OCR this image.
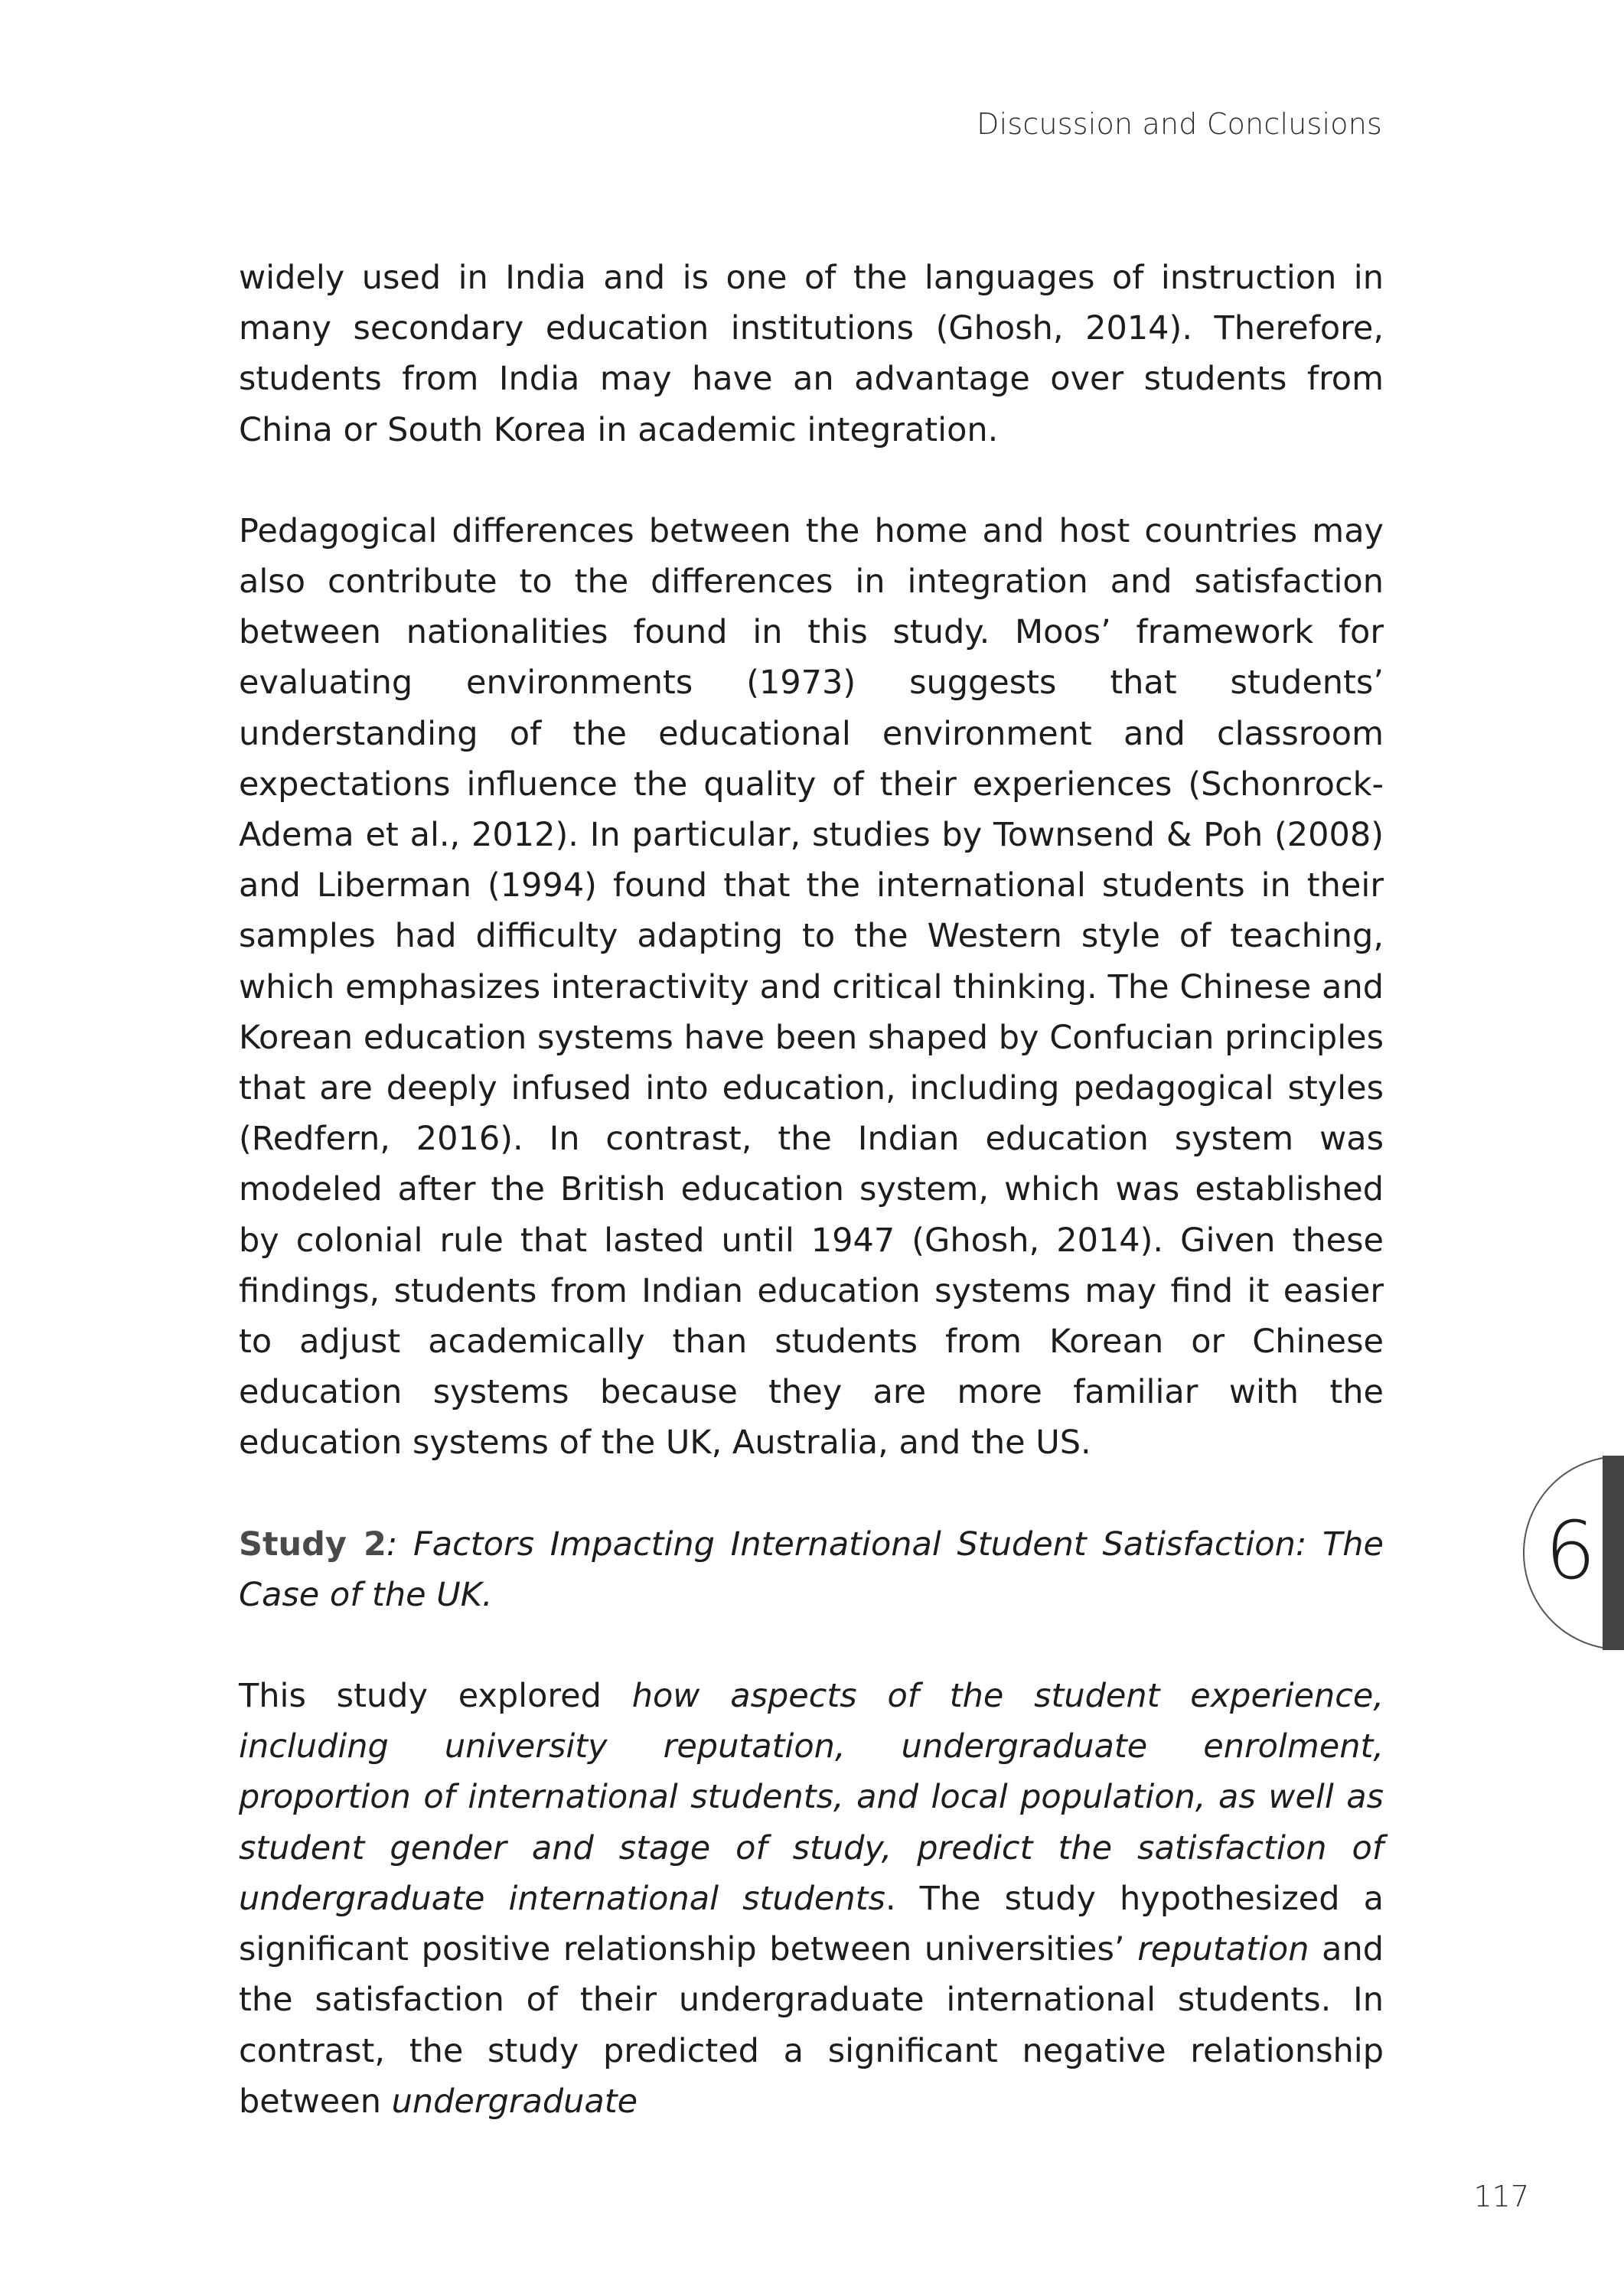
Discussion and Conclusions

widely used in India and is one of the languages of instruction in many secondary education institutions (Ghosh, 2014). Therefore, students from India may have an advantage over students from China or South Korea in academic integration.

Pedagogical differences between the home and host countries may also contribute to the differences in integration and satisfaction between nationalities found in this study. Moos’ framework for evaluating environments (1973) suggests that students’ understanding of the educational environment and classroom expectations influence the quality of their experiences (Schonrock-Adema et al., 2012). In particular, studies by Townsend & Poh (2008) and Liberman (1994) found that the international students in their samples had difficulty adapting to the Western style of teaching, which emphasizes interactivity and critical thinking. The Chinese and Korean education systems have been shaped by Confucian principles that are deeply infused into education, including pedagogical styles (Redfern, 2016). In contrast, the Indian education system was modeled after the British education system, which was established by colonial rule that lasted until 1947 (Ghosh, 2014). Given these findings, students from Indian education systems may find it easier to adjust academically than students from Korean or Chinese education systems because they are more familiar with the education systems of the UK, Australia, and the US.

Study 2: Factors Impacting International Student Satisfaction: The Case of the UK.

This study explored how aspects of the student experience, including university reputation, undergraduate enrolment, proportion of international students, and local population, as well as student gender and stage of study, predict the satisfaction of undergraduate international students. The study hypothesized a significant positive relationship between universities’ reputation and the satisfaction of their undergraduate international students. In contrast, the study predicted a significant negative relationship between undergraduate

6
117
